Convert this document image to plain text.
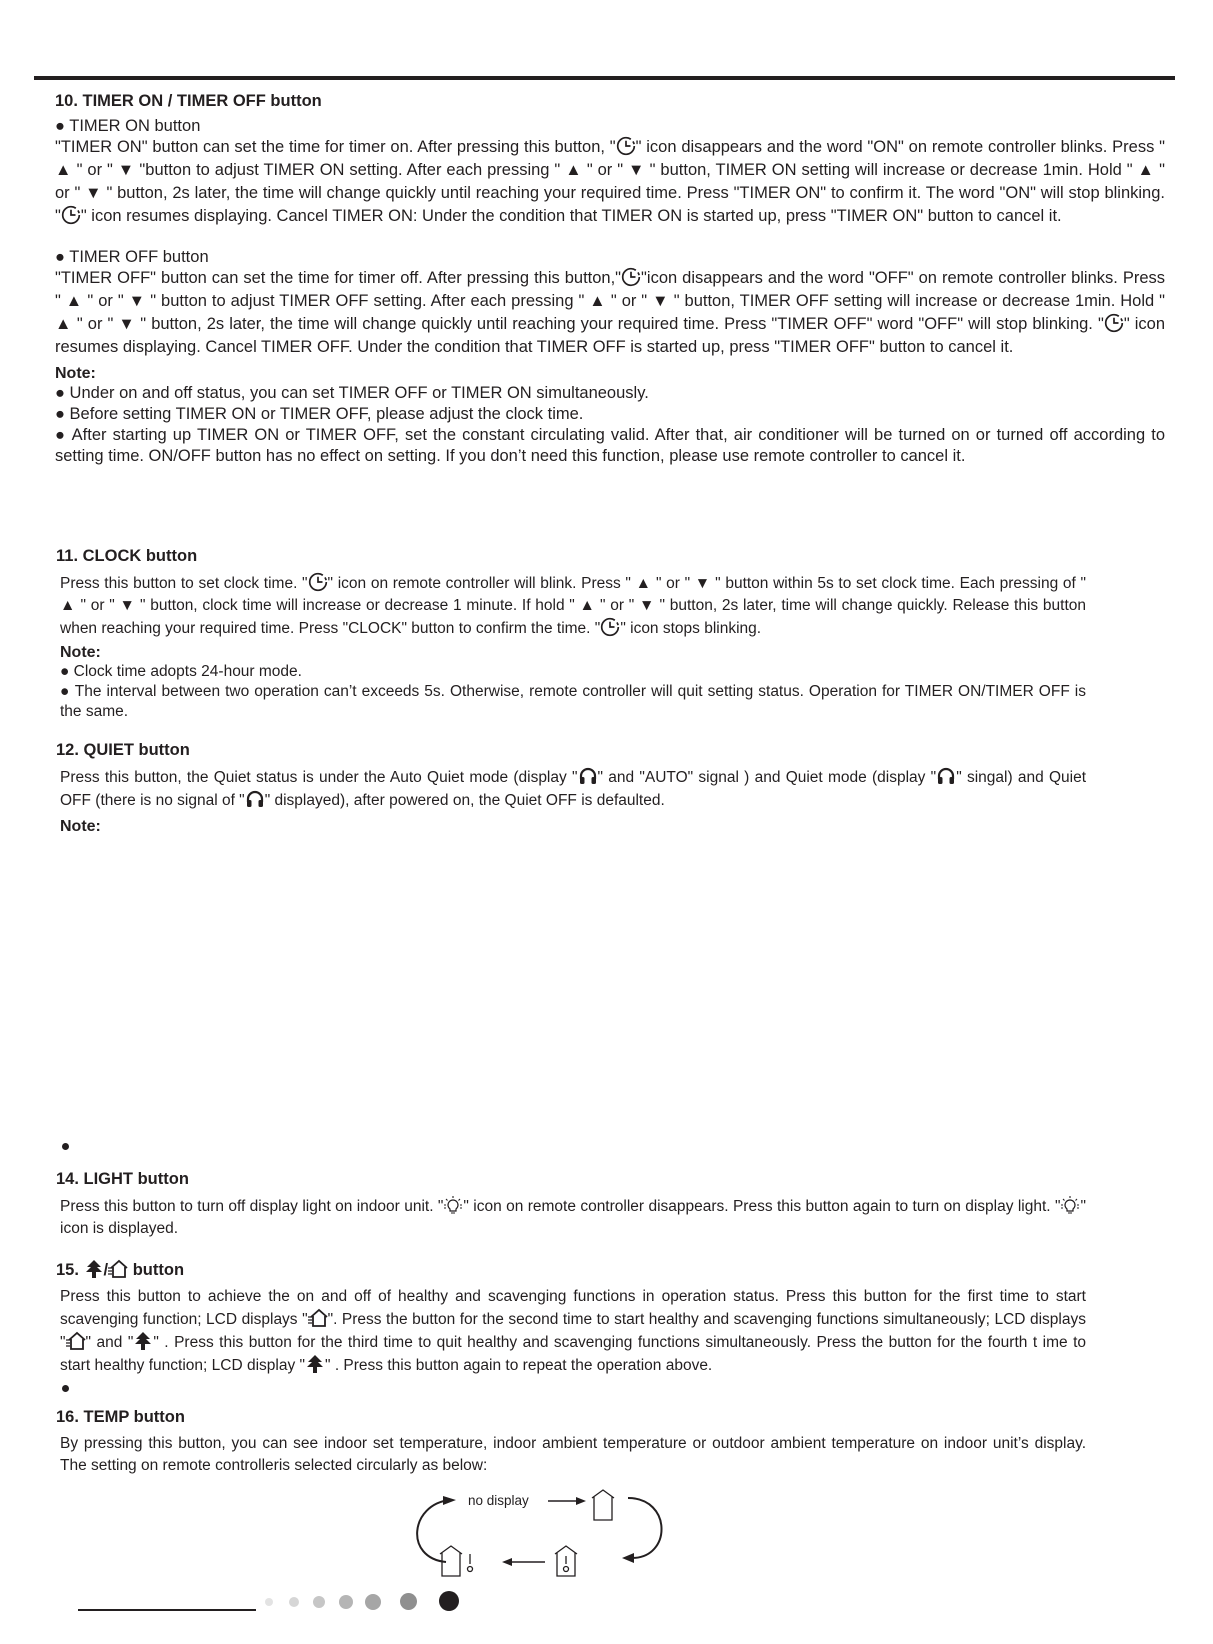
10. TIMER ON / TIMER OFF button
● TIMER ON button

"TIMER ON" button can set the time for timer on. After pressing this button, " " icon disappears and the word "ON" on remote controller blinks. Press " ▲ " or " ▼ "button to adjust TIMER ON setting. After each pressing " ▲ " or " ▼ " button, TIMER ON setting will increase or decrease 1min. Hold " ▲ " or " ▼ " button, 2s later, the time will change quickly until reaching your required time. Press "TIMER ON" to confirm it. The word "ON" will stop blinking. " " icon resumes displaying. Cancel TIMER ON: Under the condition that TIMER ON is started up, press "TIMER ON" button to cancel it.

● TIMER OFF button

"TIMER OFF" button can set the time for timer off. After pressing this button," "icon disappears and the word "OFF" on remote controller blinks. Press " ▲ " or " ▼ " button to adjust TIMER OFF setting. After each pressing " ▲ " or " ▼ " button, TIMER OFF setting will increase or decrease 1min. Hold " ▲ " or " ▼ " button, 2s later, the time will change quickly until reaching your required time. Press "TIMER OFF" word "OFF" will stop blinking. " " icon resumes displaying. Cancel TIMER OFF. Under the condition that TIMER OFF is started up, press "TIMER OFF" button to cancel it.

Note:

● Under on and off status, you can set TIMER OFF or TIMER ON simultaneously.

● Before setting TIMER ON or TIMER OFF, please adjust the clock time.

● After starting up TIMER ON or TIMER OFF, set the constant circulating valid. After that, air conditioner will be turned on or turned off according to setting time. ON/OFF button has no effect on setting. If you don’t need this function, please use remote controller to cancel it.

11. CLOCK button

Press this button to set clock time. " " icon on remote controller will blink. Press " ▲ " or " ▼ " button within 5s to set clock time. Each pressing of " ▲ " or " ▼ " button, clock time will increase or decrease 1 minute. If hold " ▲ " or " ▼ " button, 2s later, time will change quickly. Release this button when reaching your required time. Press "CLOCK" button to confirm the time. " " icon stops blinking.

Note:

● Clock time adopts 24-hour mode.

● The interval between two operation can’t exceeds 5s. Otherwise, remote controller will quit setting status. Operation for TIMER ON/TIMER OFF is the same.

12. QUIET button

Press this button, the Quiet status is under the Auto Quiet mode (display " " and "AUTO" signal ) and Quiet mode (display " " singal) and Quiet OFF (there is no signal of " " displayed), after powered on, the Quiet OFF is defaulted.

Note:
14. LIGHT button

Press this button to turn off display light on indoor unit. " " icon on remote controller disappears. Press this button again to turn on display light. " " icon is displayed.

15. / button

Press this button to achieve the on and off of healthy and scavenging functions in operation status. Press this button for the first time to start scavenging function; LCD displays " ". Press the button for the second time to start healthy and scavenging functions simultaneously; LCD displays " " and " " . Press this button for the third time to quit healthy and scavenging functions simultaneously. Press the button for the fourth t ime to start healthy function; LCD display " " . Press this button again to repeat the operation above.

16. TEMP button

By pressing this button, you can see indoor set temperature, indoor ambient temperature or outdoor ambient temperature on indoor unit’s display. The setting on remote controlleris selected circularly as below:

no display
